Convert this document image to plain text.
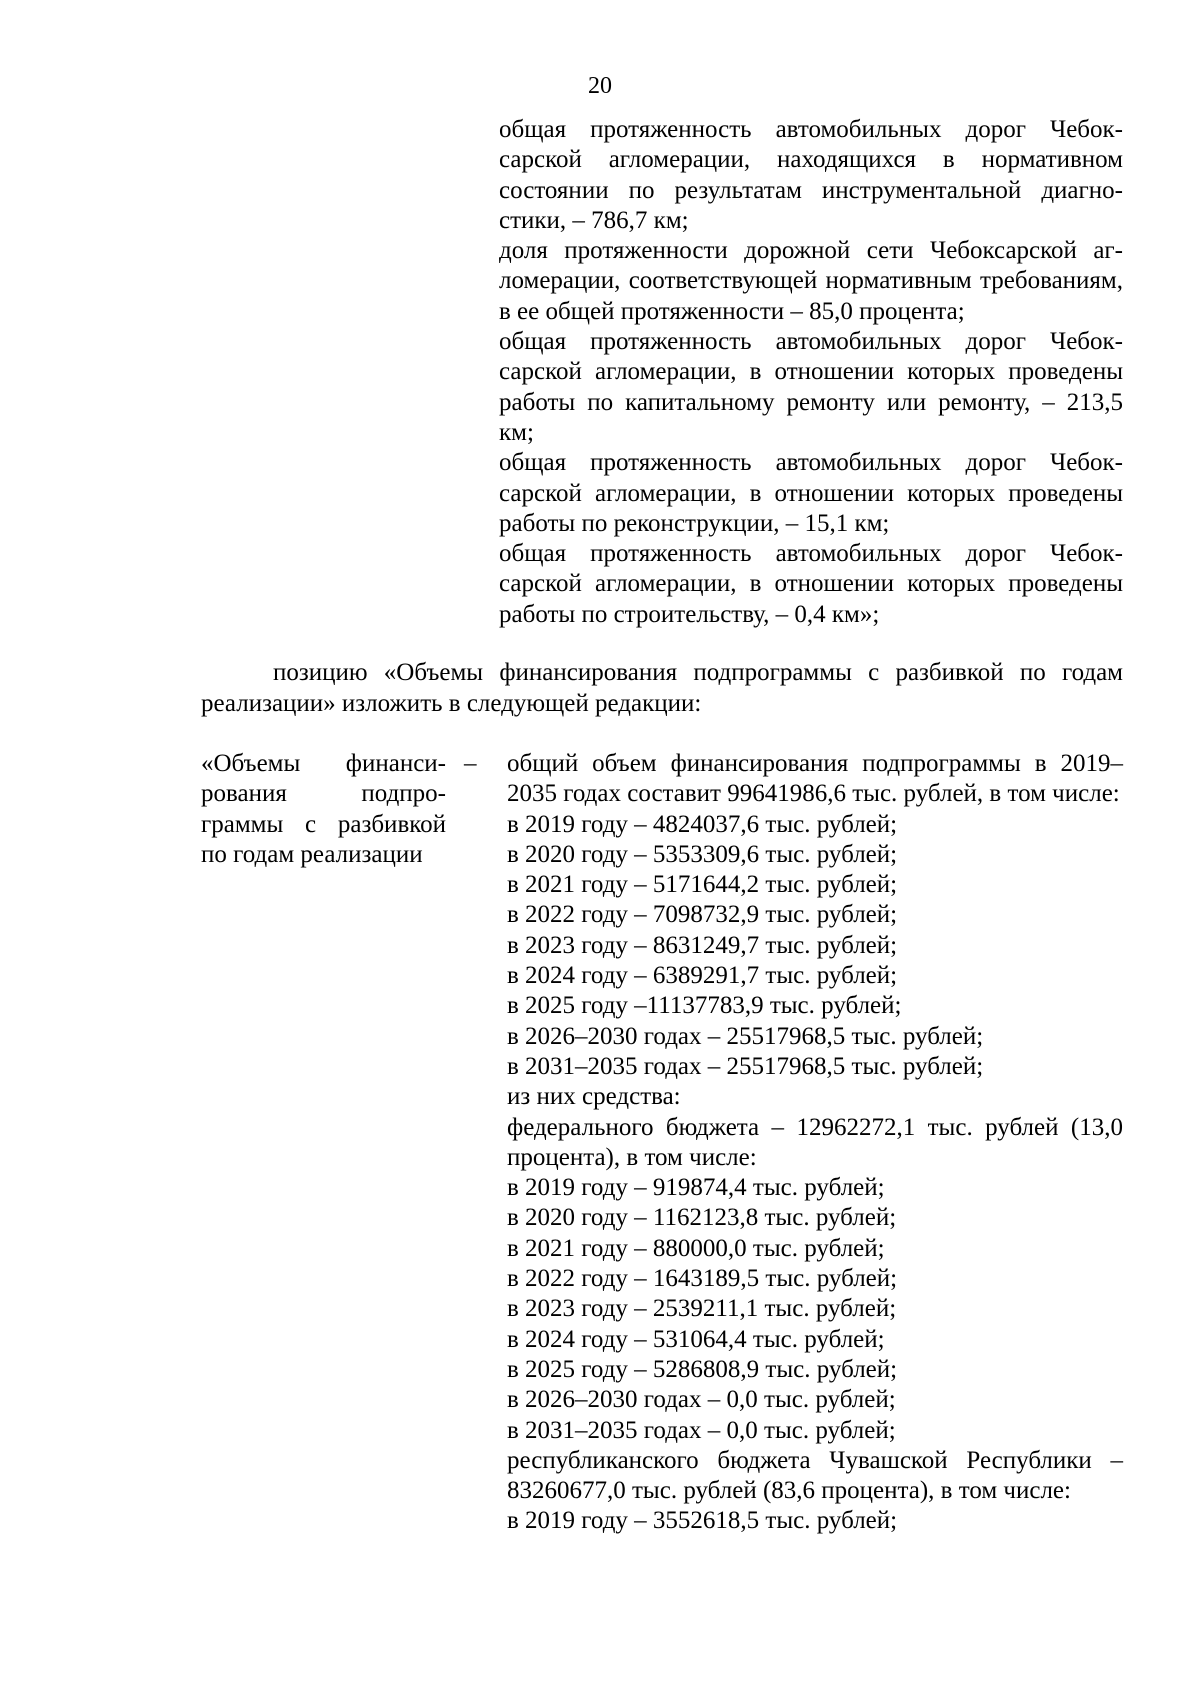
20

общая протяженность автомобильных дорог Чебоксарской агломерации, находящихся в нормативном состоянии по результатам инструментальной диагностики, – 786,7 км;

доля протяженности дорожной сети Чебоксарской агломерации, соответствующей нормативным требованиям, в ее общей протяженности – 85,0 процента;

общая протяженность автомобильных дорог Чебоксарской агломерации, в отношении которых проведены работы по капитальному ремонту или ремонту, – 213,5 км;

общая протяженность автомобильных дорог Чебоксарской агломерации, в отношении которых проведены работы по реконструкции, – 15,1 км;

общая протяженность автомобильных дорог Чебоксарской агломерации, в отношении которых проведены работы по строительству, – 0,4 км»;

позицию «Объемы финансирования подпрограммы с разбивкой по годам реализации» изложить в следующей редакции:

«Объемы финансирования подпрограммы с разбивкой по годам реализации

– общий объем финансирования подпрограммы в 2019–2035 годах составит 99641986,6 тыс. рублей, в том числе:

в 2019 году – 4824037,6 тыс. рублей;

в 2020 году – 5353309,6 тыс. рублей;

в 2021 году – 5171644,2 тыс. рублей;

в 2022 году – 7098732,9 тыс. рублей;

в 2023 году – 8631249,7 тыс. рублей;

в 2024 году – 6389291,7 тыс. рублей;

в 2025 году –11137783,9 тыс. рублей;

в 2026–2030 годах – 25517968,5 тыс. рублей;

в 2031–2035 годах – 25517968,5 тыс. рублей;

из них средства:

федерального бюджета – 12962272,1 тыс. рублей (13,0 процента), в том числе:

в 2019 году – 919874,4 тыс. рублей;

в 2020 году – 1162123,8 тыс. рублей;

в 2021 году – 880000,0 тыс. рублей;

в 2022 году – 1643189,5 тыс. рублей;

в 2023 году – 2539211,1 тыс. рублей;

в 2024 году – 531064,4 тыс. рублей;

в 2025 году – 5286808,9 тыс. рублей;

в 2026–2030 годах – 0,0 тыс. рублей;

в 2031–2035 годах – 0,0 тыс. рублей;

республиканского бюджета Чувашской Республики – 83260677,0 тыс. рублей (83,6 процента), в том числе:

в 2019 году – 3552618,5 тыс. рублей;
